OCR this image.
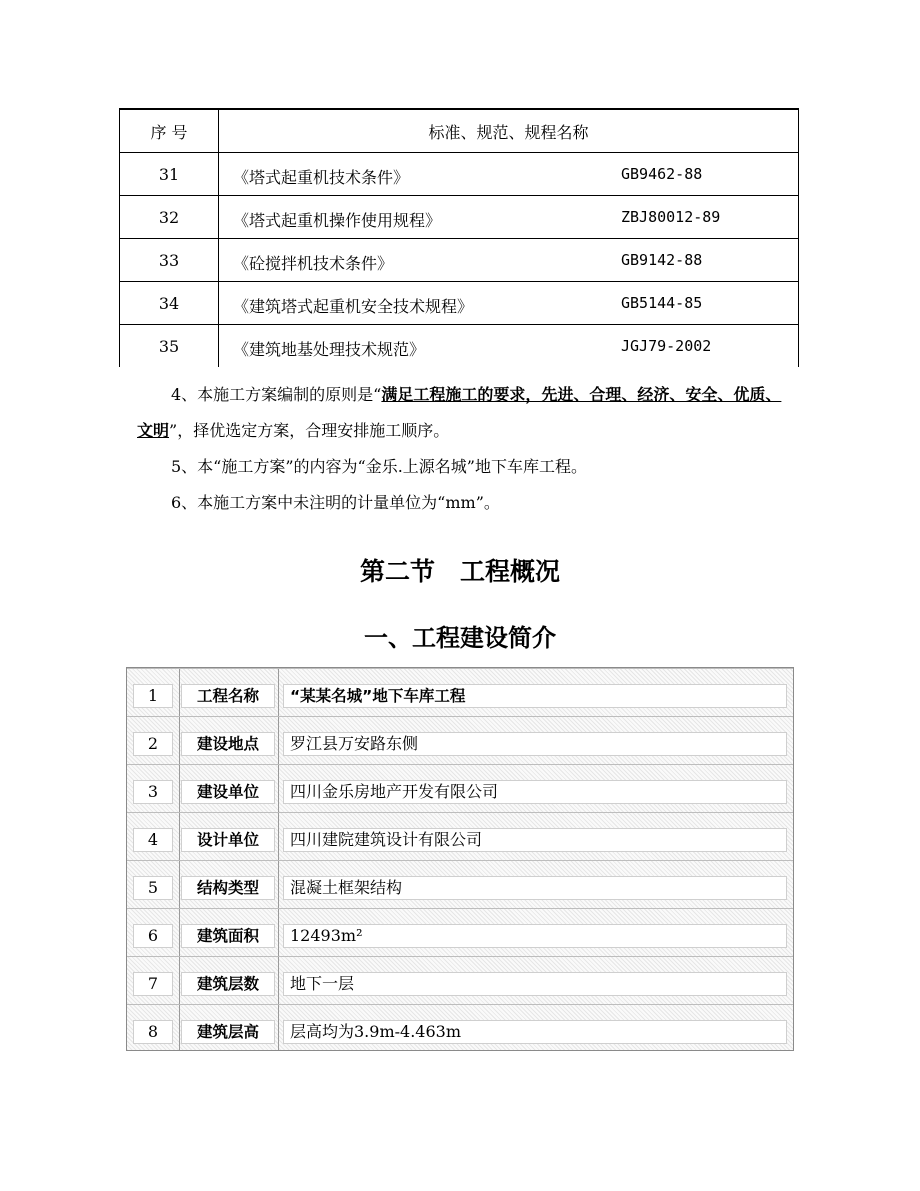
序 号	标准、规范、规程名称
31	《塔式起重机技术条件》 GB9462-88

32	《塔式起重机操作使用规程》 ZBJ80012-89

33	《砼搅拌机技术条件》 GB9142-88

34	《建筑塔式起重机安全技术规程》 GB5144-85

35	《建筑地基处理技术规范》 JGJ79-2002
4、本施工方案编制的原则是“满足工程施工的要求，先进、合理、经济、安全、优质、文明”，择优选定方案，合理安排施工顺序。
5、本“施工方案”的内容为“金乐.上源名城”地下车库工程。
6、本施工方案中未注明的计量单位为“mm”。
第二节　工程概况
一、工程建设简介
1	工程名称	“某某名城”地下车库工程
2	建设地点	罗江县万安路东侧
3	建设单位	四川金乐房地产开发有限公司
4	设计单位	四川建院建筑设计有限公司
5	结构类型	混凝土框架结构
6	建筑面积	12493m²
7	建筑层数	地下一层
8	建筑层高	层高均为3.9m-4.463m
